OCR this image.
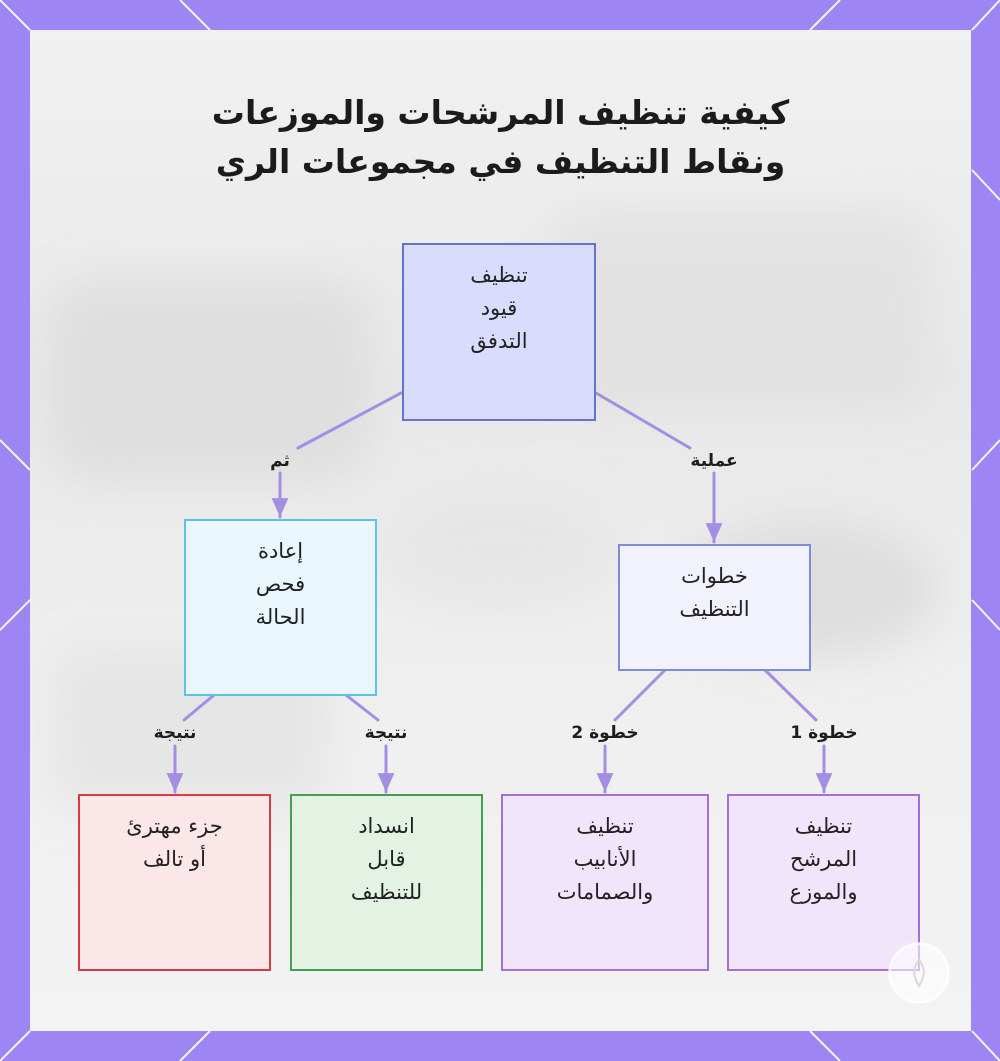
كيفية تنظيف المرشحات والموزعات
ونقاط التنظيف في مجموعات الري
تنظيف
قيود
التدفق
إعادة
فحص
الحالة
خطوات
التنظيف
جزء مهترئ
أو تالف
انسداد
قابل
للتنظيف
تنظيف
الأنابيب
والصمامات
تنظيف
المرشح
والموزع
ثم	عملية
نتيجة	نتيجة	خطوة 2	خطوة 1
